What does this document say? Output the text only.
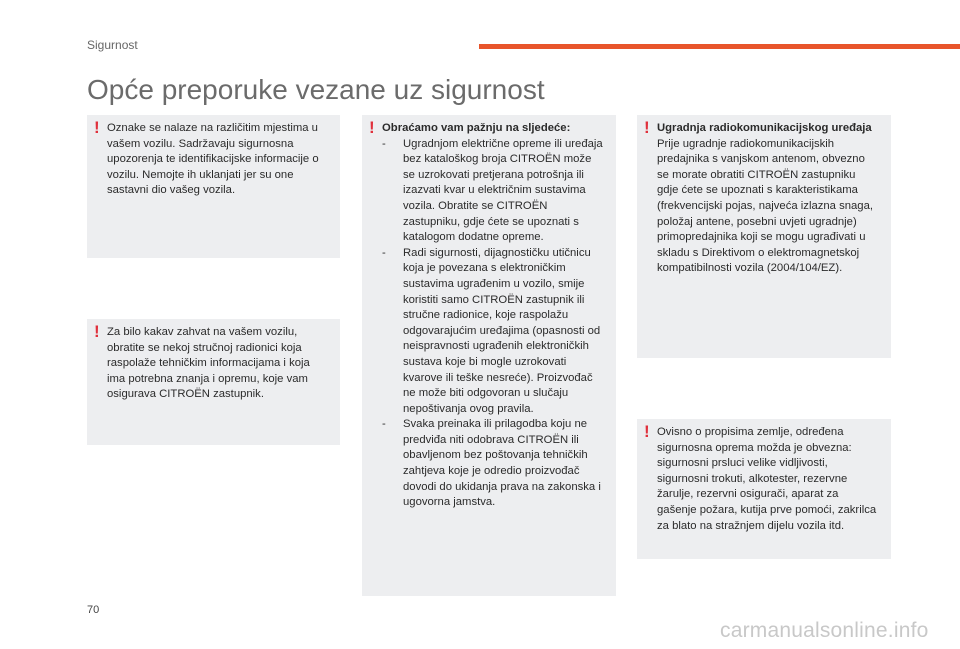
Sigurnost
Opće preporuke vezane uz sigurnost
! Oznake se nalaze na različitim mjestima u vašem vozilu. Sadržavaju sigurnosna upozorenja te identifikacijske informacije o vozilu. Nemojte ih uklanjati jer su one sastavni dio vašeg vozila.

! Za bilo kakav zahvat na vašem vozilu, obratite se nekoj stručnoj radionici koja raspolaže tehničkim informacijama i koja ima potrebna znanja i opremu, koje vam osigurava CITROËN zastupnik.

! Obraćamo vam pažnju na sljedeće:

- Ugradnjom električne opreme ili uređaja bez kataloškog broja CITROËN može se uzrokovati pretjerana potrošnja ili izazvati kvar u električnim sustavima vozila. Obratite se CITROËN zastupniku, gdje ćete se upoznati s katalogom dodatne opreme.
- Radi sigurnosti, dijagnostičku utičnicu koja je povezana s elektroničkim sustavima ugrađenim u vozilo, smije koristiti samo CITROËN zastupnik ili stručne radionice, koje raspolažu odgovarajućim uređajima (opasnosti od neispravnosti ugrađenih elektroničkih sustava koje bi mogle uzrokovati kvarove ili teške nesreće). Proizvođač ne može biti odgovoran u slučaju nepoštivanja ovog pravila.
- Svaka preinaka ili prilagodba koju ne predviđa niti odobrava CITROËN ili obavljenom bez poštovanja tehničkih zahtjeva koje je odredio proizvođač dovodi do ukidanja prava na zakonska i ugovorna jamstva.
! Ugradnja radiokomunikacijskog uređaja

Prije ugradnje radiokomunikacijskih predajnika s vanjskom antenom, obvezno se morate obratiti CITROËN zastupniku gdje ćete se upoznati s karakteristikama (frekvencijski pojas, najveća izlazna snaga, položaj antene, posebni uvjeti ugradnje) primopredajnika koji se mogu ugrađivati u skladu s Direktivom o elektromagnetskoj kompatibilnosti vozila (2004/104/EZ).

! Ovisno o propisima zemlje, određena sigurnosna oprema možda je obvezna: sigurnosni prsluci velike vidljivosti, sigurnosni trokuti, alkotester, rezervne žarulje, rezervni osigurači, aparat za gašenje požara, kutija prve pomoći, zakrilca za blato na stražnjem dijelu vozila itd.

70
carmanualsonline.info
